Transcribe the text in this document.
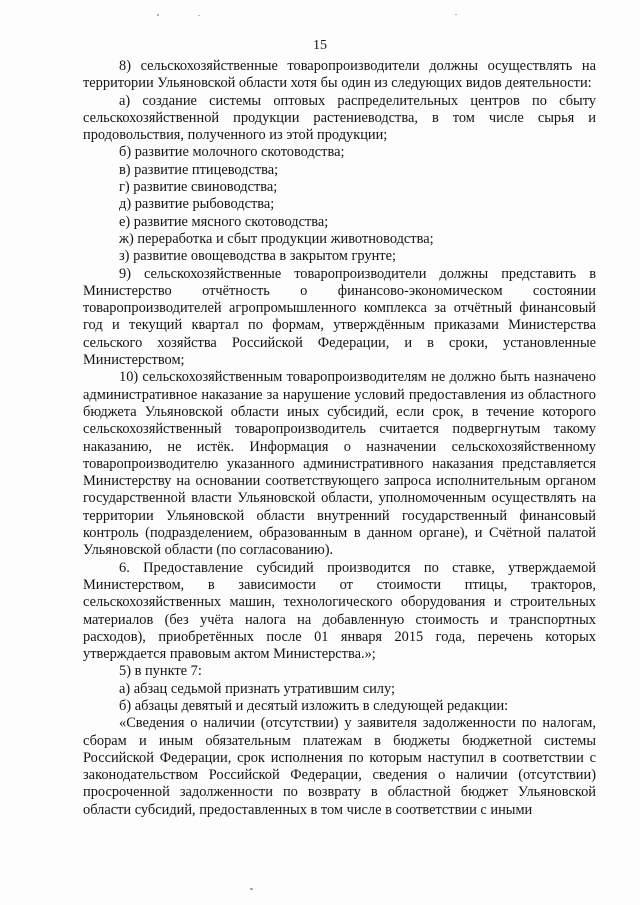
15

8) сельскохозяйственные товаропроизводители должны осуществлять на территории Ульяновской области хотя бы один из следующих видов деятельности:

а) создание системы оптовых распределительных центров по сбыту сельскохозяйственной продукции растениеводства, в том числе сырья и продовольствия, полученного из этой продукции;

б) развитие молочного скотоводства;

в) развитие птицеводства;

г) развитие свиноводства;

д) развитие рыбоводства;

е) развитие мясного скотоводства;

ж) переработка и сбыт продукции животноводства;

з) развитие овощеводства в закрытом грунте;

9) сельскохозяйственные товаропроизводители должны представить в Министерство отчётность о финансово-экономическом состоянии товаропроизводителей агропромышленного комплекса за отчётный финансовый год и текущий квартал по формам, утверждённым приказами Министерства сельского хозяйства Российской Федерации, и в сроки, установленные Министерством;

10) сельскохозяйственным товаропроизводителям не должно быть назначено административное наказание за нарушение условий предоставления из областного бюджета Ульяновской области иных субсидий, если срок, в течение которого сельскохозяйственный товаропроизводитель считается подвергнутым такому наказанию, не истёк. Информация о назначении сельскохозяйственному товаропроизводителю указанного административного наказания представляется Министерству на основании соответствующего запроса исполнительным органом государственной власти Ульяновской области, уполномоченным осуществлять на территории Ульяновской области внутренний государственный финансовый контроль (подразделением, образованным в данном органе), и Счётной палатой Ульяновской области (по согласованию).

6. Предоставление субсидий производится по ставке, утверждаемой Министерством, в зависимости от стоимости птицы, тракторов, сельскохозяйственных машин, технологического оборудования и строительных материалов (без учёта налога на добавленную стоимость и транспортных расходов), приобретённых после 01 января 2015 года, перечень которых утверждается правовым актом Министерства.»;

5) в пункте 7:

а) абзац седьмой признать утратившим силу;

б) абзацы девятый и десятый изложить в следующей редакции:

«Сведения о наличии (отсутствии) у заявителя задолженности по налогам, сборам и иным обязательным платежам в бюджеты бюджетной системы Российской Федерации, срок исполнения по которым наступил в соответствии с законодательством Российской Федерации, сведения о наличии (отсутствии) просроченной задолженности по возврату в областной бюджет Ульяновской области субсидий, предоставленных в том числе в соответствии с иными
